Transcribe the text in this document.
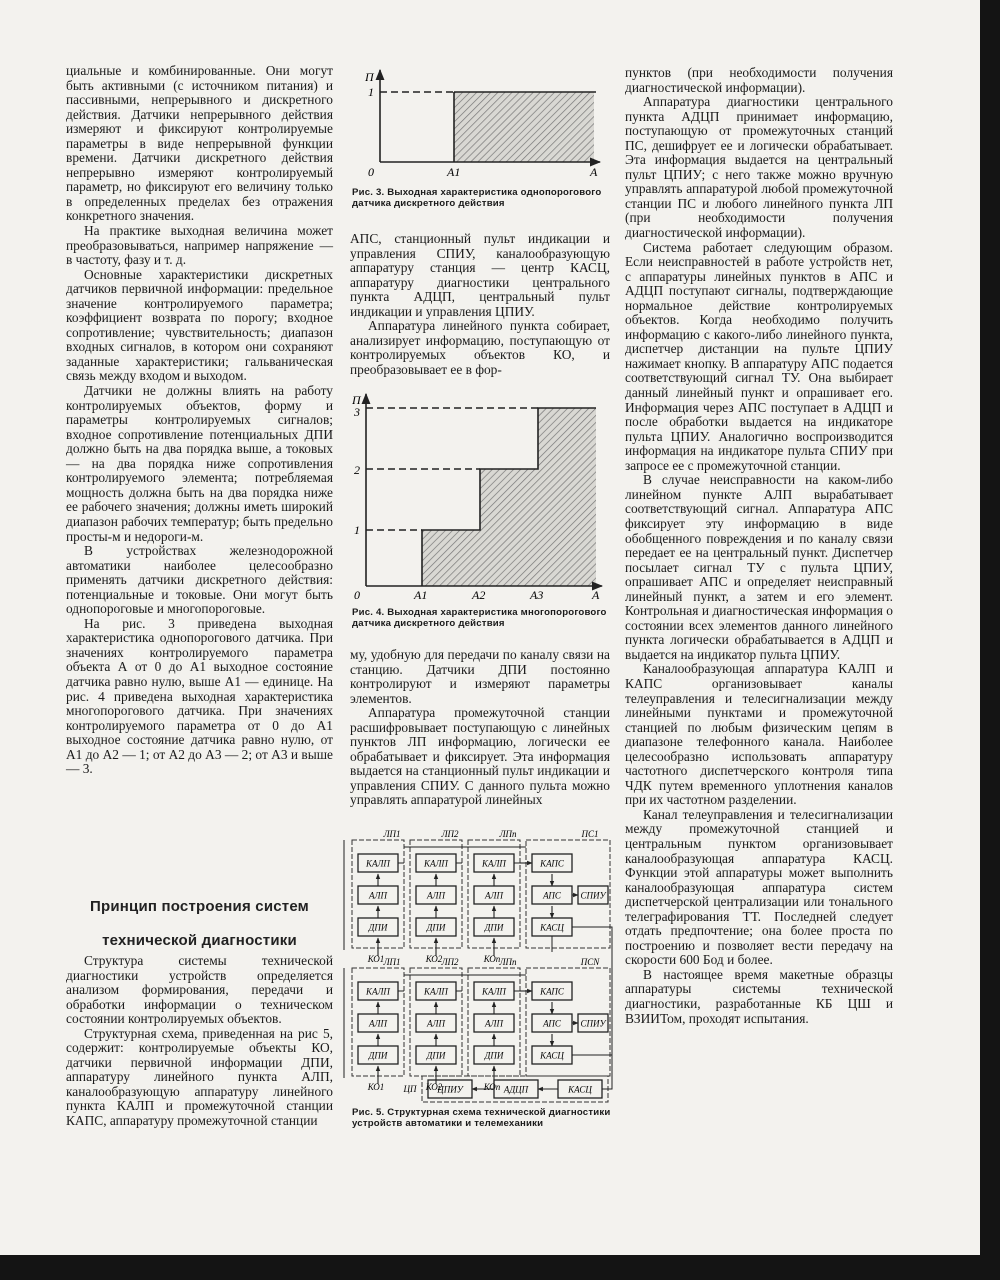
циальные и комбинированные. Они могут быть активными (с источником питания) и пассивными, непрерывного и дискретного действия. Датчики непрерывного действия измеряют и фиксируют контролируемые параметры в виде непрерывной функции времени. Датчики дискретного действия непрерывно измеряют контролируемый параметр, но фиксируют его величину только в определенных пределах без отражения конкретного значения.

На практике выходная величина может преобразовываться, например напряжение — в частоту, фазу и т. д.

Основные характеристики дискретных датчиков первичной информации: предельное значение контролируемого параметра; коэффициент возврата по порогу; входное сопротивление; чувствительность; диапазон входных сигналов, в котором они сохраняют заданные характеристики; гальваническая связь между входом и выходом.

Датчики не должны влиять на работу контролируемых объектов, форму и параметры контролируемых сигналов; входное сопротивление потенциальных ДПИ должно быть на два порядка выше, а токовых — на два порядка ниже сопротивления контролируемого элемента; потребляемая мощность должна быть на два порядка ниже ее рабочего значения; должны иметь широкий диапазон рабочих температур; быть предельно просты-м и недороги-м.

В устройствах железнодорожной автоматики наиболее целесообразно применять датчики дискретного действия: потенциальные и токовые. Они могут быть однопороговые и многопороговые.

На рис. 3 приведена выходная характеристика однопорогового датчика. При значениях контролируемого параметра объекта А от 0 до А1 выходное состояние датчика равно нулю, выше А1 — единице. На рис. 4 приведена выходная характеристика многопорогового датчика. При значениях контролируемого параметра от 0 до А1 выходное состояние датчика равно нулю, от А1 до А2 — 1; от А2 до А3 — 2; от А3 и выше — 3.

Принцип построения систем
технической диагностики

Структура системы технической диагностики устройств определяется анализом формирования, передачи и обработки информации о техническом состоянии контролируемых объектов.

Структурная схема, приведенная на рис 5, содержит: контролируемые объекты КО, датчики первичной информации ДПИ, аппаратуру линейного пункта АЛП, каналообразующую аппаратуру линейного пункта КАЛП и промежуточной станции КАПС, аппаратуру промежуточной станции

П
1
0	А1	А
Рис. 3. Выходная характеристика однопорогового датчика дискретного действия

АПС, станционный пульт индикации и управления СПИУ, каналообразующую аппаратуру станция — центр КАСЦ, аппаратуру диагностики центрального пункта АДЦП, центральный пульт индикации и управления ЦПИУ.

Аппаратура линейного пункта собирает, анализирует информацию, поступающую от контролируемых объектов КО, и преобразовывает ее в фор-

П
3
2
1
0	А1	А2	А3	А
Рис. 4. Выходная характеристика многопорогового датчика дискретного действия

му, удобную для передачи по каналу связи на станцию. Датчики ДПИ постоянно контролируют и измеряют параметры элементов.

Аппаратура промежуточной станции расшифровывает поступающую с линейных пунктов ЛП информацию, логически ее обрабатывает и фиксирует. Эта информация выдается на станционный пульт индикации и управления СПИУ. С данного пульта можно управлять аппаратурой линейных

ЛП1
КАЛП
АЛП
ДПИ
КО1
ЛП2
КАЛП
АЛП
ДПИ
КО2
ЛПn
КАЛП
АЛП
ДПИ
КОn
ПС1
КАПС
АПС
КАСЦ
СПИУ
ЛП1
КАЛП
АЛП
ДПИ
КО1
ЛП2
КАЛП
АЛП
ДПИ
КО2
ЛПn
КАЛП
АЛП
ДПИ
КОn
ПСN
КАПС
АПС
КАСЦ
СПИУ
ЦП ЦПИУ	АДЦП	КАСЦ
Рис. 5. Структурная схема технической диагностики устройств автоматики и телемеханики

пунктов (при необходимости получения диагностической информации).

Аппаратура диагностики центрального пункта АДЦП принимает информацию, поступающую от промежуточных станций ПС, дешифрует ее и логически обрабатывает. Эта информация выдается на центральный пульт ЦПИУ; с него также можно вручную управлять аппаратурой любой промежуточной станции ПС и любого линейного пункта ЛП (при необходимости получения диагностической информации).

Система работает следующим образом. Если неисправностей в работе устройств нет, с аппаратуры линейных пунктов в АПС и АДЦП поступают сигналы, подтверждающие нормальное действие контролируемых объектов. Когда необходимо получить информацию с какого-либо линейного пункта, диспетчер дистанции на пульте ЦПИУ нажимает кнопку. В аппаратуру АПС подается соответствующий сигнал ТУ. Она выбирает данный линейный пункт и опрашивает его. Информация через АПС поступает в АДЦП и после обработки выдается на индикаторе пульта ЦПИУ. Аналогично воспроизводится информация на индикаторе пульта СПИУ при запросе ее с промежуточной станции.

В случае неисправности на каком-либо линейном пункте АЛП вырабатывает соответствующий сигнал. Аппаратура АПС фиксирует эту информацию в виде обобщенного повреждения и по каналу связи передает ее на центральный пункт. Диспетчер посылает сигнал ТУ с пульта ЦПИУ, опрашивает АПС и определяет неисправный линейный пункт, а затем и его элемент. Контрольная и диагностическая информация о состоянии всех элементов данного линейного пункта логически обрабатывается в АДЦП и выдается на индикатор пульта ЦПИУ.

Каналообразующая аппаратура КАЛП и КАПС организовывает каналы телеуправления и телесигнализации между линейными пунктами и промежуточной станцией по любым физическим цепям в диапазоне телефонного канала. Наиболее целесообразно использовать аппаратуру частотного диспетчерского контроля типа ЧДК путем временного уплотнения каналов при их частотном разделении.

Канал телеуправления и телесигнализации между промежуточной станцией и центральным пунктом организовывает каналообразующая аппаратура КАСЦ. Функции этой аппаратуры может выполнить каналообразующая аппаратура систем диспетчерской централизации или тонального телеграфирования ТТ. Последней следует отдать предпочтение; она более проста по построению и позволяет вести передачу на скорости 600 Бод и более.

В настоящее время макетные образцы аппаратуры системы технической диагностики, разработанные КБ ЦШ и ВЗИИТом, проходят испытания.
